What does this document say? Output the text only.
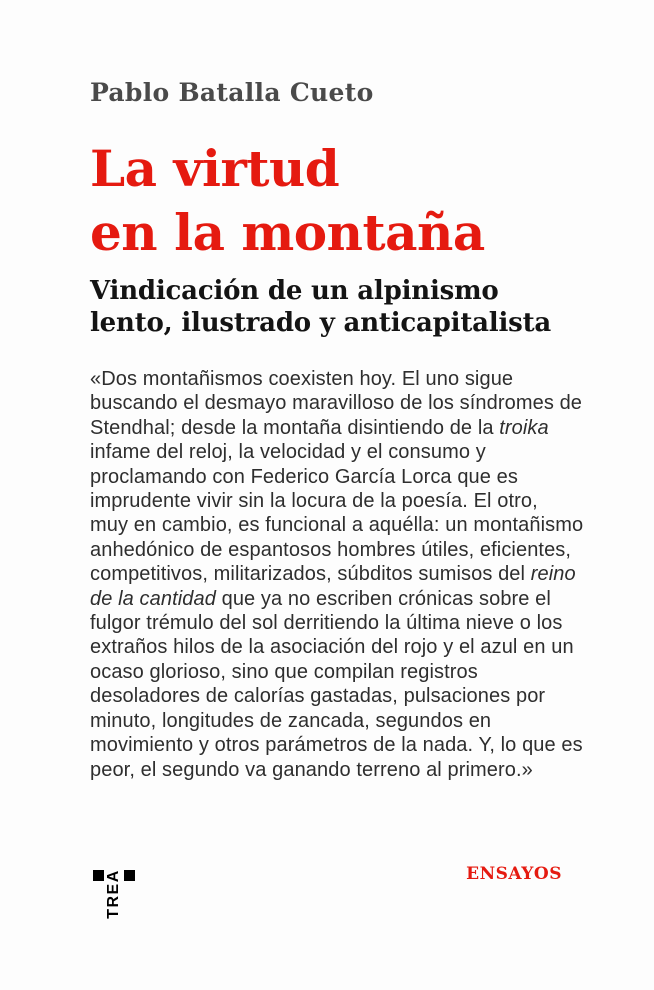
Pablo Batalla Cueto
La virtud
en la montaña
Vindicación de un alpinismo
lento, ilustrado y anticapitalista
«Dos montañismos coexisten hoy. El uno sigue
buscando el desmayo maravilloso de los síndromes de
Stendhal; desde la montaña disintiendo de la troika
infame del reloj, la velocidad y el consumo y
proclamando con Federico García Lorca que es
imprudente vivir sin la locura de la poesía. El otro,
muy en cambio, es funcional a aquélla: un montañismo
anhedónico de espantosos hombres útiles, eficientes,
competitivos, militarizados, súbditos sumisos del reino
de la cantidad que ya no escriben crónicas sobre el
fulgor trémulo del sol derritiendo la última nieve o los
extraños hilos de la asociación del rojo y el azul en un
ocaso glorioso, sino que compilan registros
desoladores de calorías gastadas, pulsaciones por
minuto, longitudes de zancada, segundos en
movimiento y otros parámetros de la nada. Y, lo que es
peor, el segundo va ganando terreno al primero.»
TREA	ENSAYOS
